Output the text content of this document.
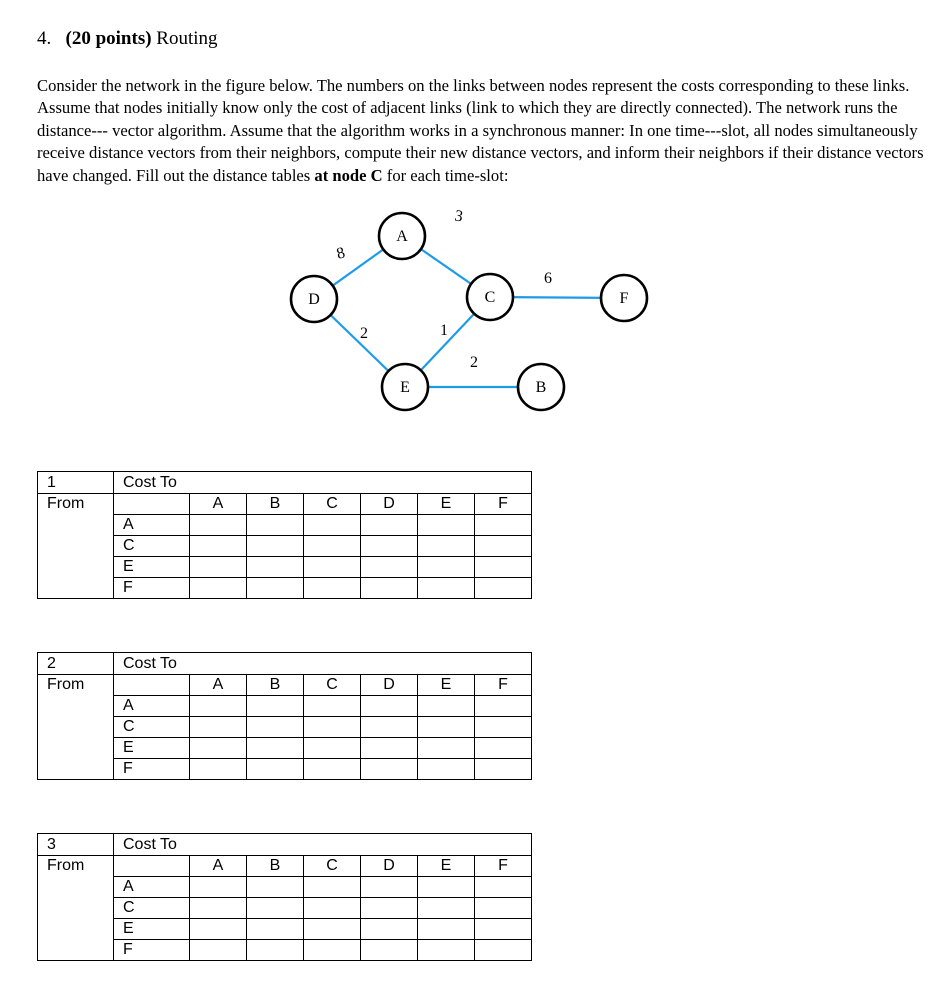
4. (20 points) Routing
Consider the network in the figure below. The numbers on the links between nodes represent the costs corresponding to these links. Assume that nodes initially know only the cost of adjacent links (link to which they are directly connected). The network runs the distance--- vector algorithm. Assume that the algorithm works in a synchronous manner: In one time---slot, all nodes simultaneously receive distance vectors from their neighbors, compute their new distance vectors, and inform their neighbors if their distance vectors have changed. Fill out the distance tables at node C for each time-slot:
8
3
2	1
2
6
A
C
D
E
F
B
1	Cost To						
From		A	B	C	D	E	F
	A						
	C						
	E						
	F						
2	Cost To						
From		A	B	C	D	E	F
	A						
	C						
	E						
	F						
3	Cost To						
From		A	B	C	D	E	F
	A						
	C						
	E						
	F						
